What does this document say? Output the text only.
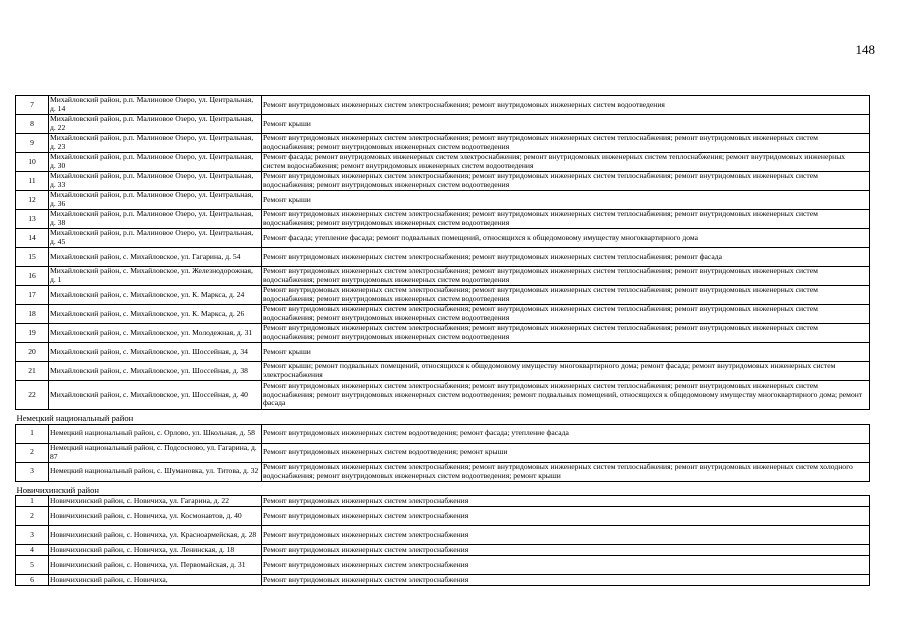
148
7	Михайловский район, р.п. Малиновое Озеро, ул. Центральная, д. 14	Ремонт внутридомовых инженерных систем электроснабжения; ремонт внутридомовых инженерных систем водоотведения
8	Михайловский район, р.п. Малиновое Озеро, ул. Центральная, д. 22	Ремонт крыши
9	Михайловский район, р.п. Малиновое Озеро, ул. Центральная, д. 23	Ремонт внутридомовых инженерных систем электроснабжения; ремонт внутридомовых инженерных систем теплоснабжения; ремонт внутридомовых инженерных систем водоснабжения; ремонт внутридомовых инженерных систем водоотведения
10	Михайловский район, р.п. Малиновое Озеро, ул. Центральная, д. 30	Ремонт фасада; ремонт внутридомовых инженерных систем электроснабжения; ремонт внутридомовых инженерных систем теплоснабжения; ремонт внутридомовых инженерных систем водоснабжения; ремонт внутридомовых инженерных систем водоотведения
11	Михайловский район, р.п. Малиновое Озеро, ул. Центральная, д. 33	Ремонт внутридомовых инженерных систем электроснабжения; ремонт внутридомовых инженерных систем теплоснабжения; ремонт внутридомовых инженерных систем водоснабжения; ремонт внутридомовых инженерных систем водоотведения
12	Михайловский район, р.п. Малиновое Озеро, ул. Центральная, д. 36	Ремонт крыши
13	Михайловский район, р.п. Малиновое Озеро, ул. Центральная, д. 38	Ремонт внутридомовых инженерных систем электроснабжения; ремонт внутридомовых инженерных систем теплоснабжения; ремонт внутридомовых инженерных систем водоснабжения; ремонт внутридомовых инженерных систем водоотведения
14	Михайловский район, р.п. Малиновое Озеро, ул. Центральная, д. 45	Ремонт фасада; утепление фасада; ремонт подвальных помещений, относящихся к общедомовому имуществу многоквартирного дома
15	Михайловский район, с. Михайловское, ул. Гагарина, д. 54	Ремонт внутридомовых инженерных систем электроснабжения; ремонт внутридомовых инженерных систем теплоснабжения; ремонт фасада
16	Михайловский район, с. Михайловское, ул. Железнодорожная, д. 1	Ремонт внутридомовых инженерных систем электроснабжения; ремонт внутридомовых инженерных систем теплоснабжения; ремонт внутридомовых инженерных систем водоснабжения; ремонт внутридомовых инженерных систем водоотведения
17	Михайловский район, с. Михайловское, ул. К. Маркса, д. 24	Ремонт внутридомовых инженерных систем электроснабжения; ремонт внутридомовых инженерных систем теплоснабжения; ремонт внутридомовых инженерных систем водоснабжения; ремонт внутридомовых инженерных систем водоотведения
18	Михайловский район, с. Михайловское, ул. К. Маркса, д. 26	Ремонт внутридомовых инженерных систем электроснабжения; ремонт внутридомовых инженерных систем теплоснабжения; ремонт внутридомовых инженерных систем водоснабжения; ремонт внутридомовых инженерных систем водоотведения
19	Михайловский район, с. Михайловское, ул. Молодежная, д. 31	Ремонт внутридомовых инженерных систем электроснабжения; ремонт внутридомовых инженерных систем теплоснабжения; ремонт внутридомовых инженерных систем водоснабжения; ремонт внутридомовых инженерных систем водоотведения
20	Михайловский район, с. Михайловское, ул. Шоссейная, д. 34	Ремонт крыши
21	Михайловский район, с. Михайловское, ул. Шоссейная, д. 38	Ремонт крыши; ремонт подвальных помещений, относящихся к общедомовому имуществу многоквартирного дома; ремонт фасада; ремонт внутридомовых инженерных систем электроснабжения
22	Михайловский район, с. Михайловское, ул. Шоссейная, д. 40	Ремонт внутридомовых инженерных систем электроснабжения; ремонт внутридомовых инженерных систем теплоснабжения; ремонт внутридомовых инженерных систем водоснабжения; ремонт внутридомовых инженерных систем водоотведения; ремонт подвальных помещений, относящихся к общедомовому имуществу многоквартирного дома; ремонт фасада
Немецкий национальный район		
1	Немецкий национальный район, с. Орлово, ул. Школьная, д. 58	Ремонт внутридомовых инженерных систем водоотведения; ремонт фасада; утепление фасада
2	Немецкий национальный район, с. Подсосново, ул. Гагарина, д. 87	Ремонт внутридомовых инженерных систем водоотведения; ремонт крыши
3	Немецкий национальный район, с. Шумановка, ул. Титова, д. 32	Ремонт внутридомовых инженерных систем электроснабжения; ремонт внутридомовых инженерных систем теплоснабжения; ремонт внутридомовых инженерных систем холодного водоснабжения; ремонт внутридомовых инженерных систем водоотведения; ремонт крыши
Новичихинский район		
1	Новичихинский район, с. Новичиха, ул. Гагарина, д. 22	Ремонт внутридомовых инженерных систем электроснабжения
2	Новичихинский район, с. Новичиха, ул. Космонавтов, д. 40	Ремонт внутридомовых инженерных систем электроснабжения
3	Новичихинский район, с. Новичиха, ул. Красноармейская, д. 28	Ремонт внутридомовых инженерных систем электроснабжения
4	Новичихинский район, с. Новичиха, ул. Ленинская, д. 18	Ремонт внутридомовых инженерных систем электроснабжения
5	Новичихинский район, с. Новичиха, ул. Первомайская, д. 31	Ремонт внутридомовых инженерных систем электроснабжения
6	Новичихинский район, с. Новичиха,	Ремонт внутридомовых инженерных систем электроснабжения
